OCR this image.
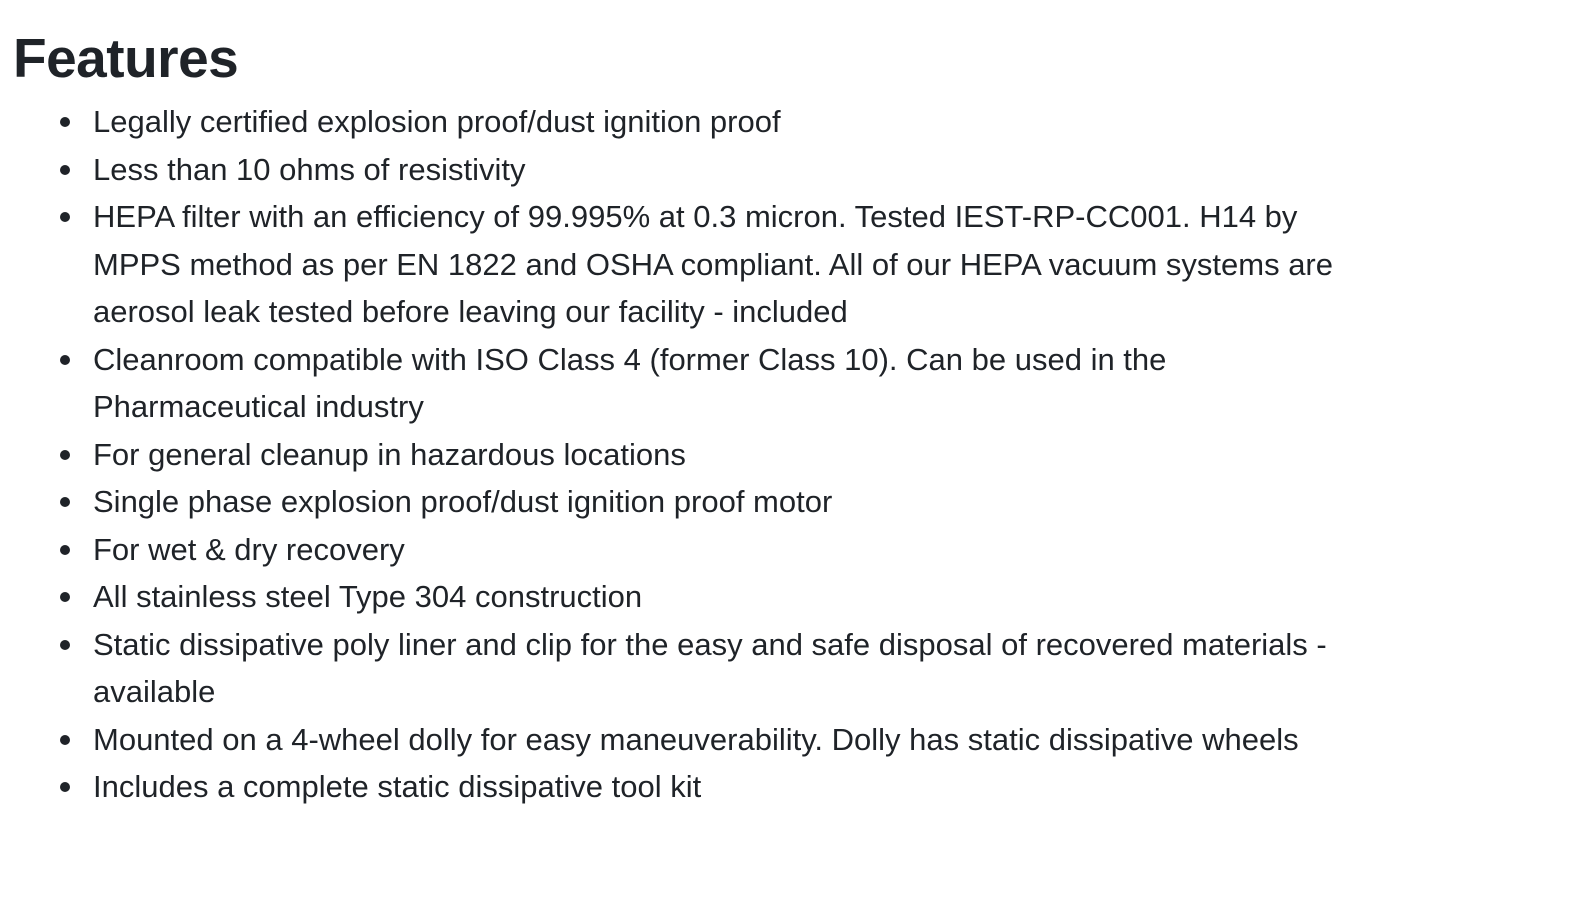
Features
Legally certified explosion proof/dust ignition proof
Less than 10 ohms of resistivity
HEPA filter with an efficiency of 99.995% at 0.3 micron. Tested IEST-RP-CC001. H14 by MPPS method as per EN 1822 and OSHA compliant. All of our HEPA vacuum systems are aerosol leak tested before leaving our facility - included
Cleanroom compatible with ISO Class 4 (former Class 10). Can be used in the Pharmaceutical industry
For general cleanup in hazardous locations
Single phase explosion proof/dust ignition proof motor
For wet & dry recovery
All stainless steel Type 304 construction
Static dissipative poly liner and clip for the easy and safe disposal of recovered materials - available
Mounted on a 4-wheel dolly for easy maneuverability. Dolly has static dissipative wheels
Includes a complete static dissipative tool kit
